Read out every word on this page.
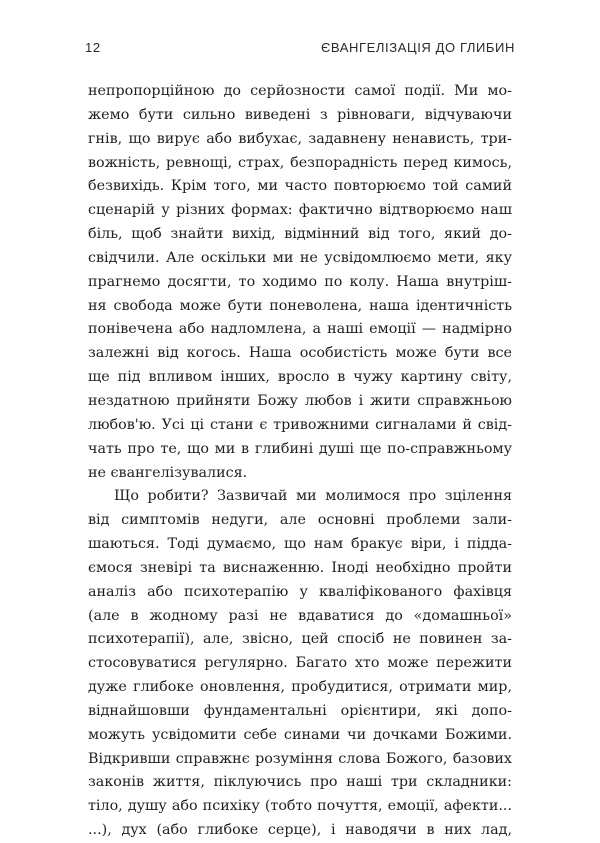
12	ЄВАНГЕЛІЗАЦІЯ ДО ГЛИБИН
непропорційною до серйозности самої події. Ми мо-
жемо бути сильно виведені з рівноваги, відчуваючи
гнів, що вирує або вибухає, задавнену ненависть, три-
вожність, ревнощі, страх, безпорадність перед кимось,
безвихідь. Крім того, ми часто повторюємо той самий
сценарій у різних формах: фактично відтворюємо наш
біль, щоб знайти вихід, відмінний від того, який до-
свідчили. Але оскільки ми не усвідомлюємо мети, яку
прагнемо досягти, то ходимо по колу. Наша внутріш-
ня свобода може бути поневолена, наша ідентичність
понівечена або надломлена, а наші емоції — надмірно
залежні від когось. Наша особистість може бути все
ще під впливом інших, вросло в чужу картину світу,
нездатною прийняти Божу любов і жити справжньою
любов'ю. Усі ці стани є тривожними сигналами й свід-
чать про те, що ми в глибині душі ще по-справжньому
не євангелізувалися.
Що робити? Зазвичай ми молимося про зцілення
від симптомів недуги, але основні проблеми зали-
шаються. Тоді думаємо, що нам бракує віри, і підда-
ємося зневірі та виснаженню. Іноді необхідно пройти
аналіз або психотерапію у кваліфікованого фахівця
(але в жодному разі не вдаватися до «домашньої»
психотерапії), але, звісно, цей спосіб не повинен за-
стосовуватися регулярно. Багато хто може пережити
дуже глибоке оновлення, пробудитися, отримати мир,
віднайшовши фундаментальні орієнтири, які допо-
можуть усвідомити себе синами чи дочками Божими.
Відкривши справжнє розуміння слова Божого, базових
законів життя, піклуючись про наші три складники:
тіло, душу або психіку (тобто почуття, емоції, афекти...
...), дух (або глибоке серце), і наводячи в них лад,
